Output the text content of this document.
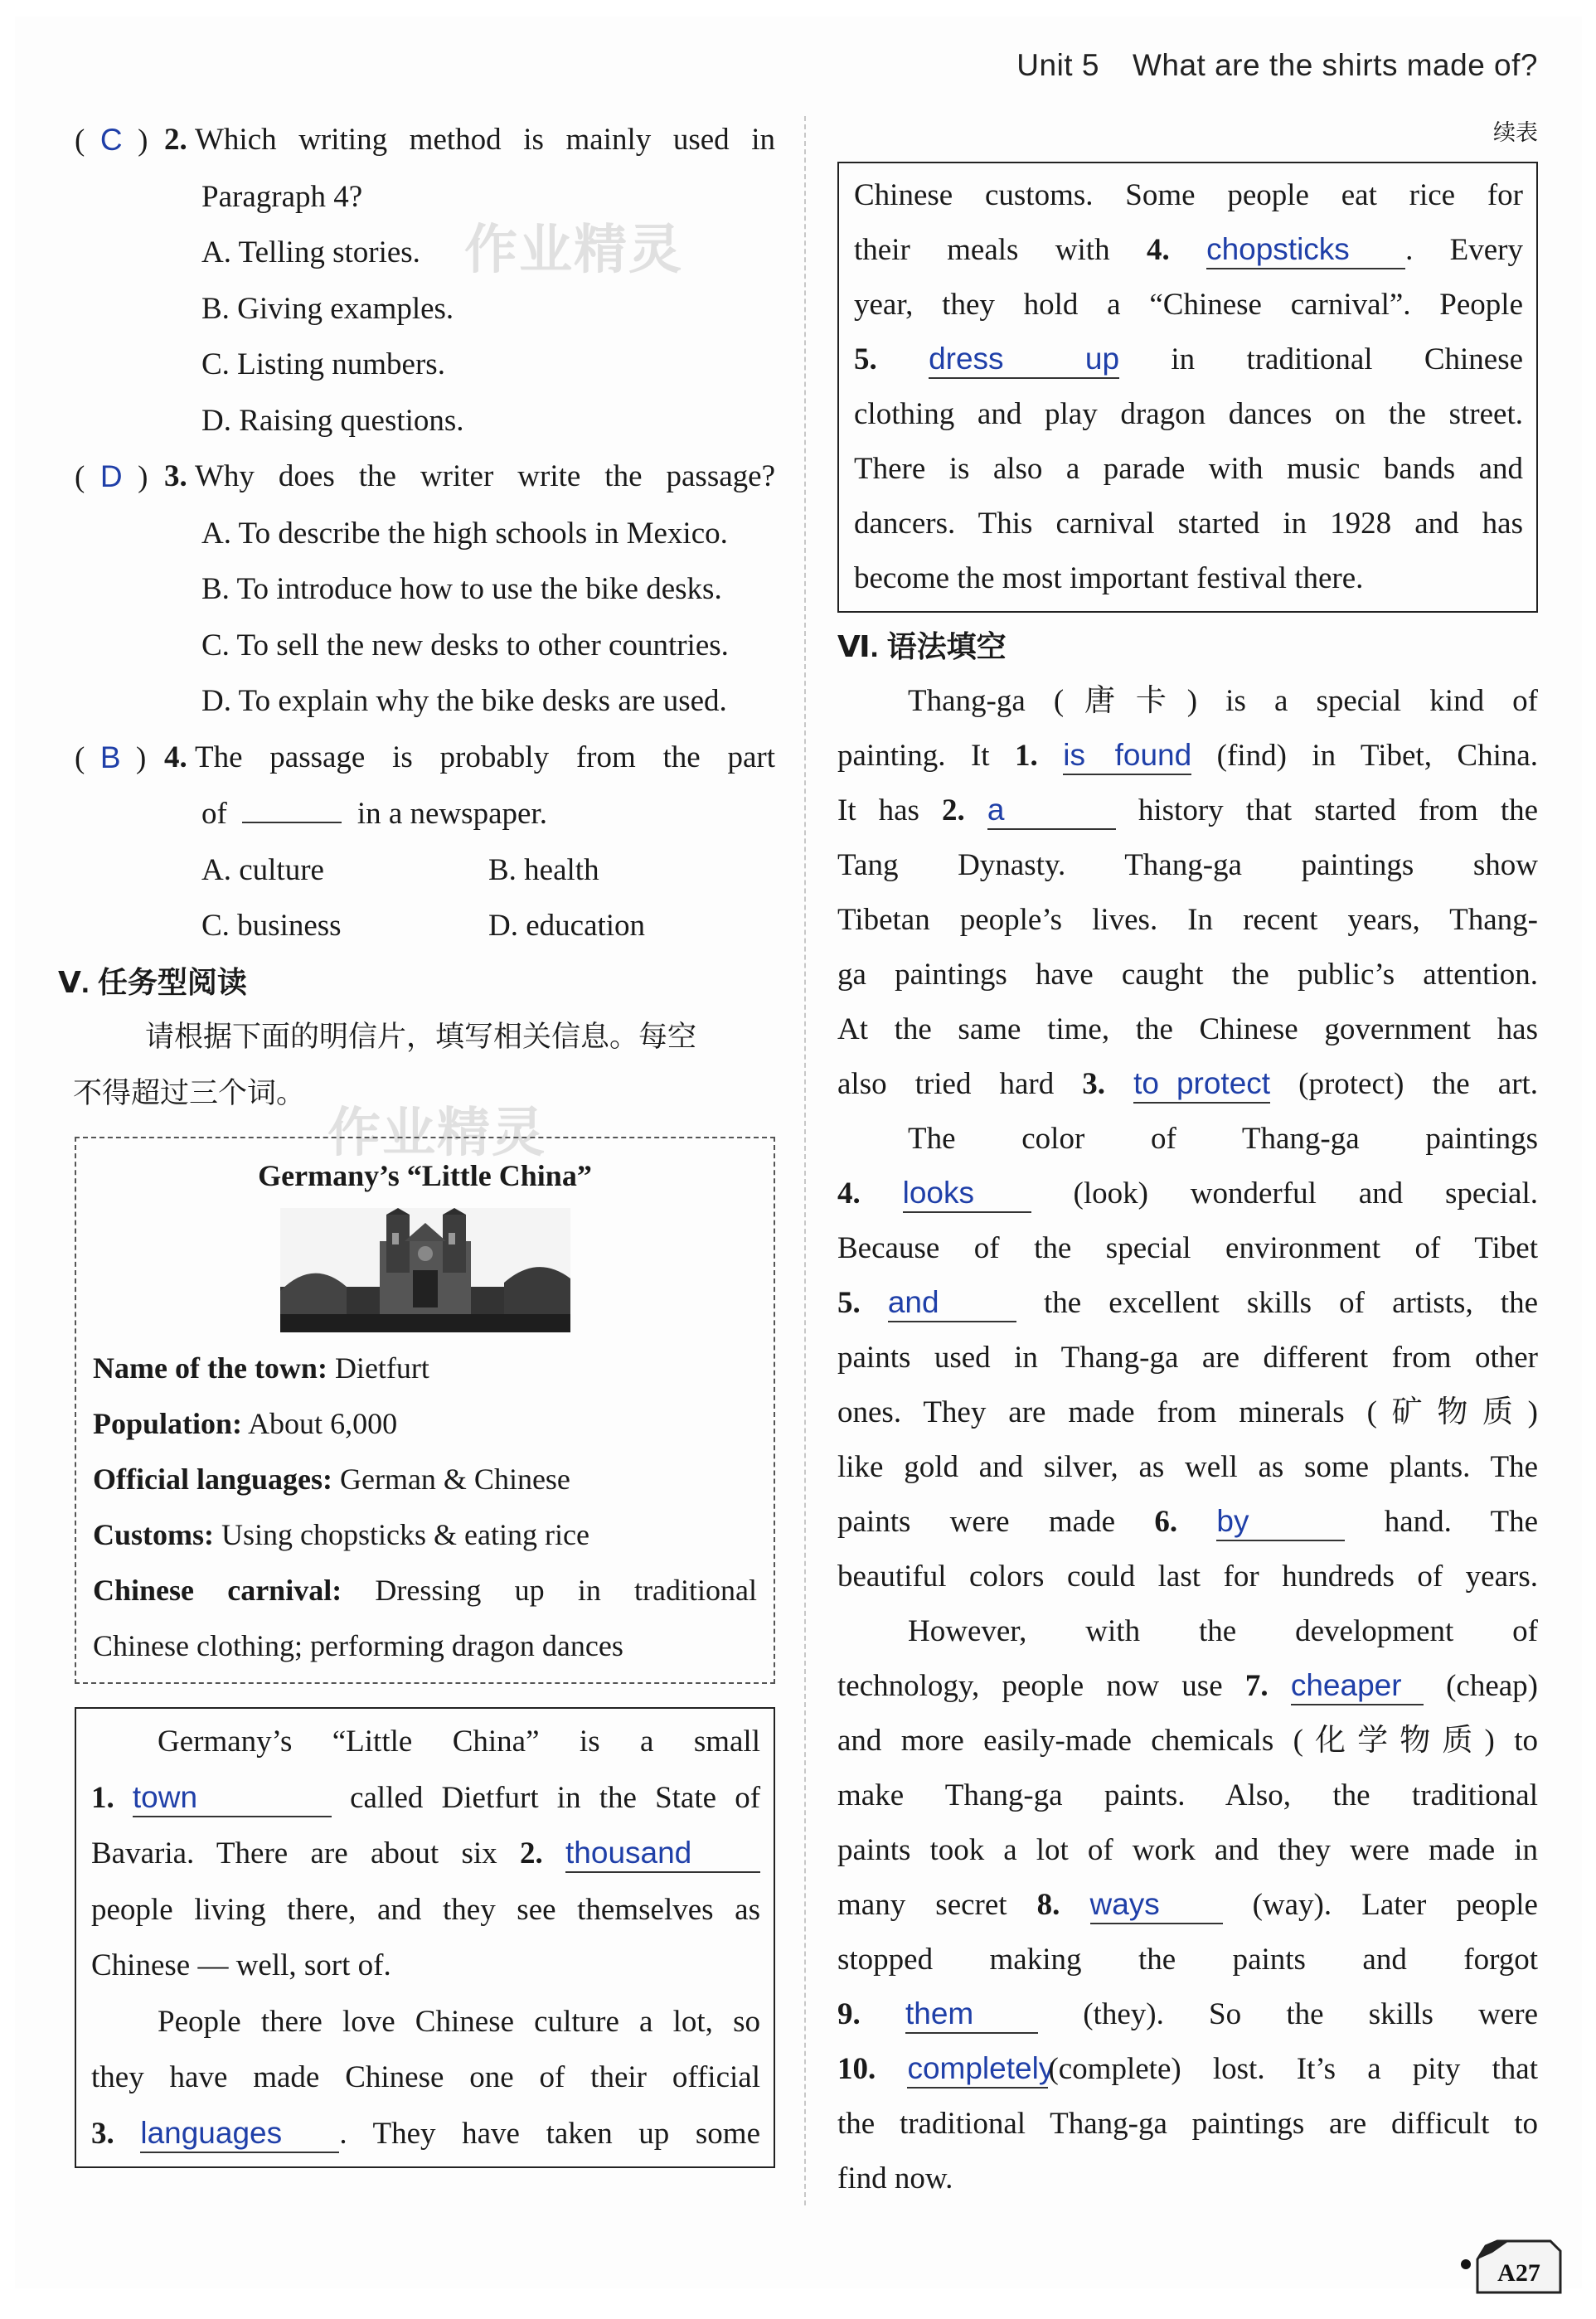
Unit 5 What are the shirts made of?
作业精灵
作业精灵
(  C  ) 2.
Which writing method is mainly used in
Paragraph 4?
A. Telling stories.
B. Giving examples.
C. Listing numbers.
D. Raising questions.
(  D  ) 3.
Why does the writer write the passage?
A. To describe the high schools in Mexico.
B. To introduce how to use the bike desks.
C. To sell the new desks to other countries.
D. To explain why the bike desks are used.
(  B  ) 4.
The passage is probably from the part
of	in a newspaper.
A. culture	B. health
C. business	D. education
Ⅴ. 任务型阅读
请根据下面的明信片，填写相关信息。每空
不得超过三个词。
Germany’s “Little China”
Name of the town: Dietfurt
Population: About 6,000
Official languages: German & Chinese
Customs: Using chopsticks & eating rice
Chinese carnival: Dressing up in traditional
Chinese clothing; performing dragon dances
Germany’s “Little China” is a small
1. town	called Dietfurt in the State of
Bavaria. There are about six 2. thousand
people living there, and they see themselves as
Chinese — well, sort of.
People there love Chinese culture a lot, so
they have made Chinese one of their official
3. languages . They have taken up some
续表
Chinese customs. Some people eat rice for
their meals with 4. chopsticks . Every
year, they hold a “Chinese carnival”. People
5. dress up in traditional Chinese
clothing and play dragon dances on the street.
There is also a parade with music bands and
dancers. This carnival started in 1928 and has
become the most important festival there.
Ⅵ. 语法填空
Thang-ga (唐卡) is a special kind of
painting. It 1. is found (find) in Tibet, China.
It has 2. a	history that started from the
Tang Dynasty. Thang-ga paintings show
Tibetan people’s lives. In recent years, Thang-
ga paintings have caught the public’s attention.
At the same time, the Chinese government has
also tried hard 3. to protect (protect) the art.
The color of Thang-ga paintings
4. looks	(look) wonderful and special.
Because of the special environment of Tibet
5. and	the excellent skills of artists, the
paints used in Thang-ga are different from other
ones. They are made from minerals (矿物质)
like gold and silver, as well as some plants. The
paints were made 6. by	hand. The
beautiful colors could last for hundreds of years.
However, with the development of
technology, people now use 7. cheaper (cheap)
and more easily-made chemicals (化学物质) to
make Thang-ga paints. Also, the traditional
paints took a lot of work and they were made in
many secret 8. ways	(way). Later people
stopped making the paints and forgot
9. them	(they). So the skills were
10. completely(complete) lost. It’s a pity that
the traditional Thang-ga paintings are difficult to
find now.
A27
